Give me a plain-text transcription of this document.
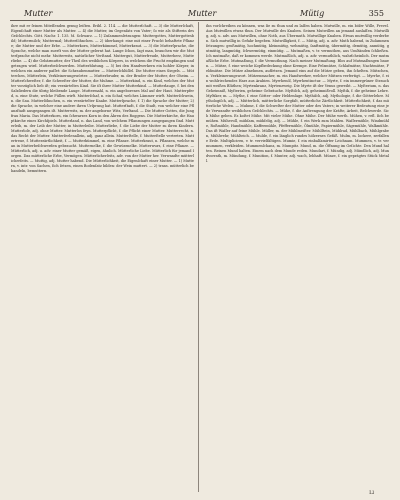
Mutter	Mutter	Mütig	355

ihre mit er ſeinen Miteſſenden genug leiſten. Eribl. 2. 114. — die Mutterſchaft. — 3) die Mutterſchaft, Eigenſchaft einer Mutter als Mutter. — 4) die Mutter, im Gegenſatz von Vater; ſo wie als Stifterin des Geſchlechts. Gött. Nachr. 1. 135. M. Schwarz. — 1) Zuſammenſetzungen: Muttergottes, Muttergottesbild; Muttermilch; Muttermal; Mutterſöhnchen. — 2) überhaupt: eine mit einer Frucht behaftete Pflanze; die Mutter und der Erbe. — Mutterkorn, Mutterkümmel, Mutterkraut. — 3) die Mutterſprache, die Sprache, welche man zuerſt von der Mutter gelernt hat. Lange ſchon, ſagt man, brauchen wir die Mutterſprache nicht mehr. Mutterwitz, natürlicher Verſtand. Muttergut, Mutterfreude, Mutterherz, Mutterliebe. — 4) die Gebärmutter, der Theil des weiblichen Körpers, in welchem die Frucht empfangen und getragen wird. Mutterbeſchwerden. Mutterblutung. — 5) bei den Handwerkern ein hohler Körper, in welchen ein anderer paſſet: die Schraubenmutter. — Mutterſchlüſſel. Die Mutter eines Siegels. — Mütterchen, Mütterlein, Verkleinerungswörter. — Mutterbruder, m. der Bruder der Mutter, der Oheim. — Mutterſchweſter, f. die Schweſter der Mutter, die Muhme. — Mutterkind, n. ein Kind, welches der Mutter vorzüglich lieb iſt; ein verzärteltes Kind. Sie iſt ihrer Mutter Mutterkind. — Mutterlauge, f. bei den Salzſiedern die übrig bleibende Lauge. Muttermahl, n. ein angeborenes Mal auf der Haut. Mutterpferd, n. eine Stute, welche Füllen wirft. Mutterſchaf, n. ein Schaf, welches Lämmer wirft. Mutterſchwein, n. die Sau. Mutterſöhnchen, n. ein verzärtelter Knabe. Mutterſprache, f. 1) die Sprache der Mutter; 2) die Sprache, in welcher eine andere ihren Urſprung hat. Mutterſtadt, f. die Stadt, von welcher eine Pflanzſtadt ausgegangen iſt. Mutterwitz, m. der angeborne Witz, Verſtand. — Die Mutter Gottes, die Jungfrau Maria. Das Mutterkorn, ein ſchwarzes Korn in den Ähren des Roggens. Die Mutterkirche, die Hauptkirche eines Kirchſpiels. Mutterland, n. das Land, von welchem Pflanzungen ausgegangen ſind. Mutterleib, m. der Leib der Mutter, in Mutterleibe. Mutterliebe, f. die Liebe der Mutter zu ihren Kindern. Mutterloſe, adj. ohne Mutter. Mutterlos ſeyn. Mutterpflicht, f. die Pflicht einer Mutter. Mutterrecht, n. das Recht der Mutter. Mutterſeelenallein, adj. ganz allein. Mutterſtelle, f. Mutterſtelle vertreten. Muttertreue, f. Mutterzärtlichkeit, f. — Mutterkümmel, m. eine Pflanze. Mutterkraut, n. Pflanzen, welche man in Mutterbeſchwerden gebraucht. Mutternelke, f. die Gewürznelke. Mutterwurz, f. eine Pflanze. — Mütterlich, adj. u. adv. einer Mutter gemäß, eigen, ähnlich. Mütterliche Liebe. Mütterlich für jemand ſorgen. Das mütterliche Erbe, Vermögen. Mütterlicherſeits, adv. von der Mutter her. Verwandte mütterlicherſeits. — Muttig, adj. Mutter habend. Die Mütterlichkeit, die Eigenſchaft einer Mutter. — 1) Muttern, v. intr. von Sachen, ſich ſetzen, einen Bodenſatz bilden: der Wein muttert. — 2) trans. mütterlich behandeln, bemuttern.

ihn vorſchreiben zu können, was ſie zu thun und zu laſſen haben. Mutwille, m. ein böſer Wille, Frevel. Aus Mutwillen etwas thun. Der Mutwille des Knaben. Seinen Mutwillen an jemand auslaſſen. Mutwillig, adj. u. adv. aus Mutwillen, ohne Noth, aus Übermuth. Mutwillige Knaben. Etwas mutwillig verderben. Sich mutwillig in Gefahr begeben. Mutwilligkeit, f. — Mütig, adj. u. adv. Muth habend, in Zuſammenſetzungen: großmütig, hochmütig, kleinmütig, wehmütig, ſanftmütig, übermütig, demütig, anmütig, gutmütig, langmütig, ſchwermütig, einmütig. — Mutmaßen, v. tr. vermuthen, aus Umſtänden ſchließen. Ich mutmaße, daß er kommen werde. Mutmaßlich, adj. u. adv. vermuthlich, wahrſcheinlich. Der mutmaßliche Erbe. Mutmaßung, f. die Vermuthung. Nach meiner Mutmaßung. Blos auf Mutmaßungen bauen. — Mütze, f. eine weiche Kopfbedeckung ohne Krempe. Eine Pelzmütze, Schlafmütze, Nachtmütze, Feldmütze. Die Mütze abnehmen, aufſetzen. Jemand eins auf die Mütze geben, ihn ſchelten. Mützchen, n. Verkleinerungswort. Mützenmacher, m. ein Handwerker, welcher Mützen verfertigt. — Myrrhe, f. ein wohlriechendes Harz aus Arabien. Myrrhenöl, Myrrhentinctur. — Myrte, f. ein immergrüner Strauch mit weißen Blüthen; Myrtenkranz, Myrtenzweig. Die Myrte iſt der Venus geweiht. — Myſterium, n. das Geheimniß, Myſterien, geheime Gebräuche. Myſtiſch, adj. geheimnißvoll. Myſtik, f. die geheime Lehre. Myſtiker, m. — Mythe, f. eine Götter- oder Heldenſage. Mythiſch, adj. Mythologie, f. die Götterlehre. Mythologiſch, adj. — Mütterlich, mütterliche Sorgfalt, mütterliche Zärtlichkeit. Mütterlichkeit, f. das mütterliche Weſen. — Muhme, f. die Schweſter der Mutter oder des Vaters; in weiterer Bedeutung eine jede Verwandte weiblichen Geſchlechts. — Mühe, f. die Anſtrengung der Kräfte, Arbeit, Beſchwerde. Sich Mühe geben. Es koſtet Mühe. Mit vieler Mühe. Ohne Mühe. Der Mühe werth. Mühen, v. refl. ſich bemühen. Mühevoll, mühſam, mühſelig, adj. — Mühle, f. ein Werk zum Mahlen. Waſſermühle, Windmühle, Roßmühle, Handmühle, Kaffeemühle, Pfeffermühle, Ölmühle, Papiermühle, Sägemühle, Walkmühle. Das iſt Waſſer auf ſeine Mühle. Müller, m. der Mühlmeiſter. Mühlſtein, Mühlrad, Mühlbach, Mühlgraben, Mühlwehr, Mühlteich. — Mulde, f. ein länglich rundes hölzernes Gefäß. Mulm, m. lockere, zerfallene Erde. Multipliciren, v. tr. vervielfältigen. Mumie, f. ein einbalſamirter Leichnam. Mummen, v. tr. vermummen, verkleiden. Mummenſchanz, m. Mumpitz. Mund, m. die Öffnung im Geſichte. Den Mund halten. Reinen Mund halten. Einem nach dem Munde reden. Mundart, f. Mündig, adj. Mündlich, adj. Mundvorrath, m. Mündung, f. Munition, f. Munter, adj. wach, lebhaft. Münze, f. ein geprägtes Stück Metall.

Ll
